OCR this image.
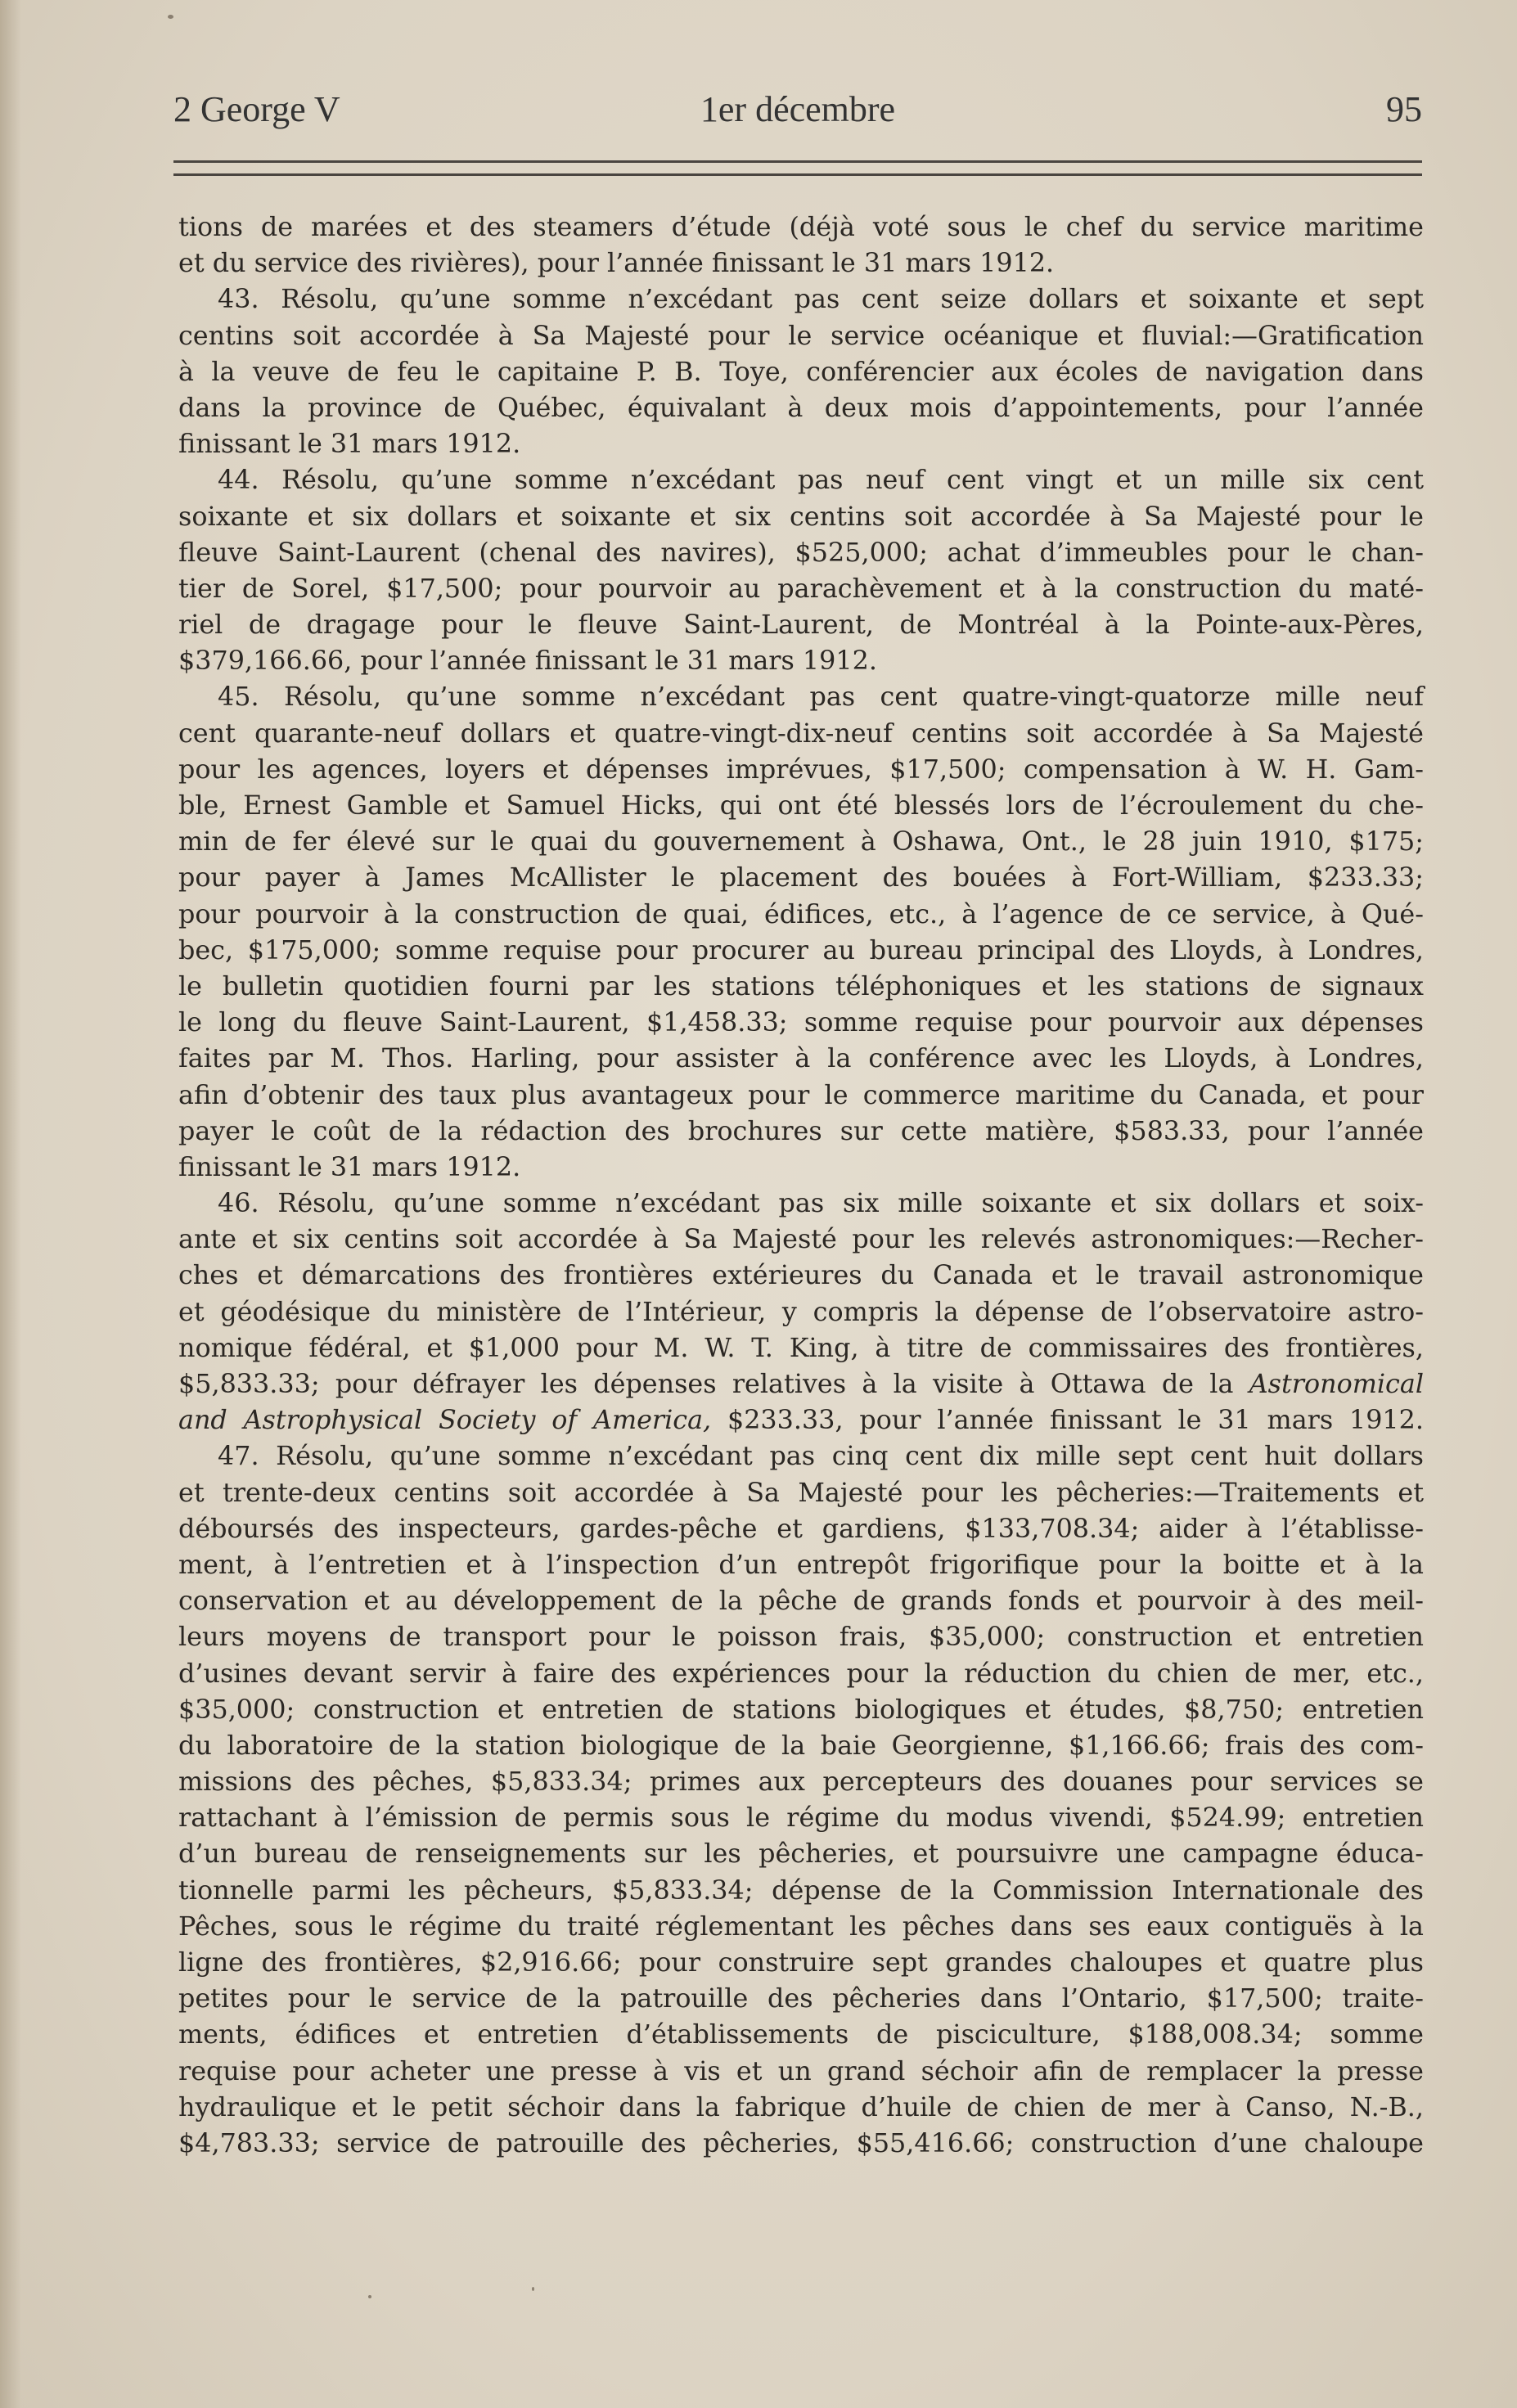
2 George V	1er décembre	95
tions de marées et des steamers d’étude (déjà voté sous le chef du service maritime
et du service des rivières), pour l’année finissant le 31 mars 1912.
43. Résolu, qu’une somme n’excédant pas cent seize dollars et soixante et sept
centins soit accordée à Sa Majesté pour le service océanique et fluvial:—Gratification
à la veuve de feu le capitaine P. B. Toye, conférencier aux écoles de navigation dans
dans la province de Québec, équivalant à deux mois d’appointements, pour l’année
finissant le 31 mars 1912.
44. Résolu, qu’une somme n’excédant pas neuf cent vingt et un mille six cent
soixante et six dollars et soixante et six centins soit accordée à Sa Majesté pour le
fleuve Saint-Laurent (chenal des navires), $525,000; achat d’immeubles pour le chan-
tier de Sorel, $17,500; pour pourvoir au parachèvement et à la construction du maté-
riel de dragage pour le fleuve Saint-Laurent, de Montréal à la Pointe-aux-Pères,
$379,166.66, pour l’année finissant le 31 mars 1912.
45. Résolu, qu’une somme n’excédant pas cent quatre-vingt-quatorze mille neuf
cent quarante-neuf dollars et quatre-vingt-dix-neuf centins soit accordée à Sa Majesté
pour les agences, loyers et dépenses imprévues, $17,500; compensation à W. H. Gam-
ble, Ernest Gamble et Samuel Hicks, qui ont été blessés lors de l’écroulement du che-
min de fer élevé sur le quai du gouvernement à Oshawa, Ont., le 28 juin 1910, $175;
pour payer à James McAllister le placement des bouées à Fort-William, $233.33;
pour pourvoir à la construction de quai, édifices, etc., à l’agence de ce service, à Qué-
bec, $175,000; somme requise pour procurer au bureau principal des Lloyds, à Londres,
le bulletin quotidien fourni par les stations téléphoniques et les stations de signaux
le long du fleuve Saint-Laurent, $1,458.33; somme requise pour pourvoir aux dépenses
faites par M. Thos. Harling, pour assister à la conférence avec les Lloyds, à Londres,
afin d’obtenir des taux plus avantageux pour le commerce maritime du Canada, et pour
payer le coût de la rédaction des brochures sur cette matière, $583.33, pour l’année
finissant le 31 mars 1912.
46. Résolu, qu’une somme n’excédant pas six mille soixante et six dollars et soix-
ante et six centins soit accordée à Sa Majesté pour les relevés astronomiques:—Recher-
ches et démarcations des frontières extérieures du Canada et le travail astronomique
et géodésique du ministère de l’Intérieur, y compris la dépense de l’observatoire astro-
nomique fédéral, et $1,000 pour M. W. T. King, à titre de commissaires des frontières,
$5,833.33; pour défrayer les dépenses relatives à la visite à Ottawa de la Astronomical
and Astrophysical Society of America, $233.33, pour l’année finissant le 31 mars 1912.
47. Résolu, qu’une somme n’excédant pas cinq cent dix mille sept cent huit dollars
et trente-deux centins soit accordée à Sa Majesté pour les pêcheries:—Traitements et
déboursés des inspecteurs, gardes-pêche et gardiens, $133,708.34; aider à l’établisse-
ment, à l’entretien et à l’inspection d’un entrepôt frigorifique pour la boitte et à la
conservation et au développement de la pêche de grands fonds et pourvoir à des meil-
leurs moyens de transport pour le poisson frais, $35,000; construction et entretien
d’usines devant servir à faire des expériences pour la réduction du chien de mer, etc.,
$35,000; construction et entretien de stations biologiques et études, $8,750; entretien
du laboratoire de la station biologique de la baie Georgienne, $1,166.66; frais des com-
missions des pêches, $5,833.34; primes aux percepteurs des douanes pour services se
rattachant à l’émission de permis sous le régime du modus vivendi, $524.99; entretien
d’un bureau de renseignements sur les pêcheries, et poursuivre une campagne éduca-
tionnelle parmi les pêcheurs, $5,833.34; dépense de la Commission Internationale des
Pêches, sous le régime du traité réglementant les pêches dans ses eaux contiguës à la
ligne des frontières, $2,916.66; pour construire sept grandes chaloupes et quatre plus
petites pour le service de la patrouille des pêcheries dans l’Ontario, $17,500; traite-
ments, édifices et entretien d’établissements de pisciculture, $188,008.34; somme
requise pour acheter une presse à vis et un grand séchoir afin de remplacer la presse
hydraulique et le petit séchoir dans la fabrique d’huile de chien de mer à Canso, N.-B.,
$4,783.33; service de patrouille des pêcheries, $55,416.66; construction d’une chaloupe
